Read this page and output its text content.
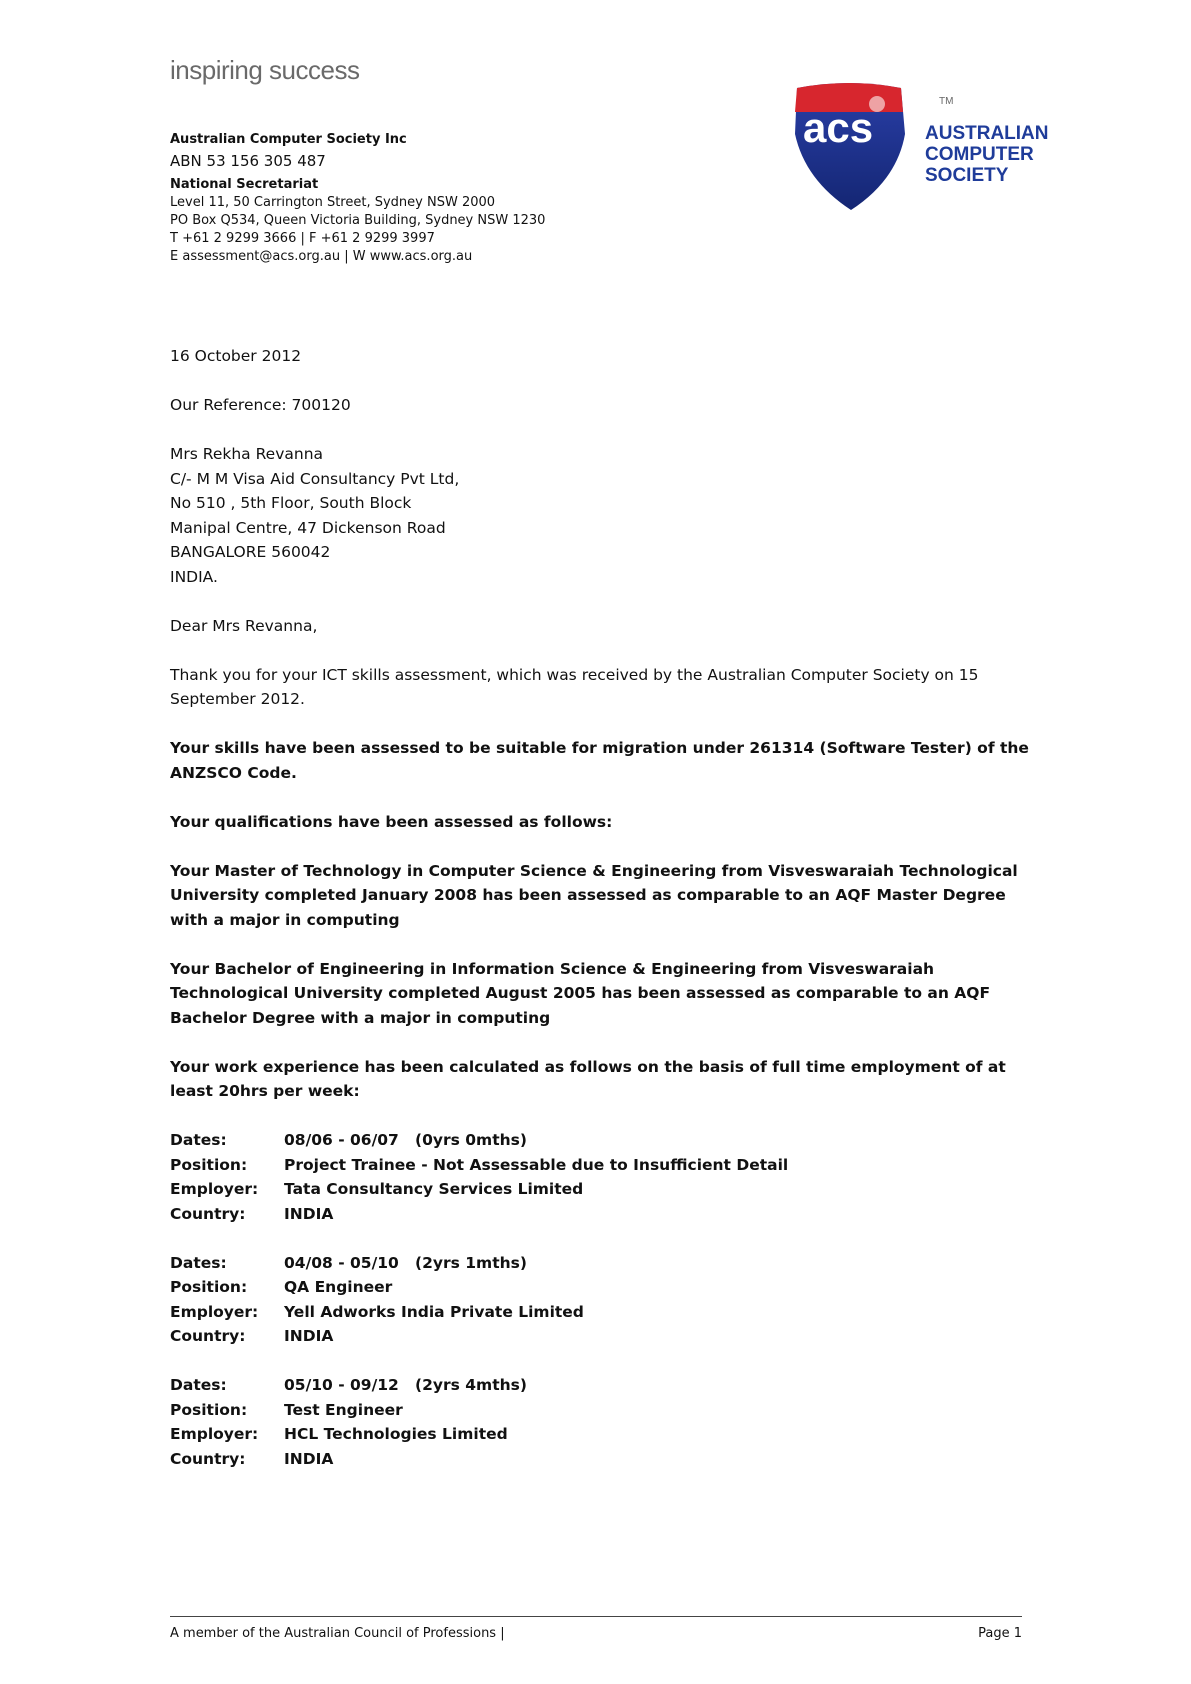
inspiring success
Australian Computer Society Inc
ABN 53 156 305 487
National Secretariat
Level 11, 50 Carrington Street, Sydney NSW 2000
PO Box Q534, Queen Victoria Building, Sydney NSW 1230
T +61 2 9299 3666 | F +61 2 9299 3997
E assessment@acs.org.au | W www.acs.org.au
acs
TM
AUSTRALIAN
COMPUTER
SOCIETY

16 October 2012

Our Reference: 700120

Mrs Rekha Revanna
C/- M M Visa Aid Consultancy Pvt Ltd,
No 510 , 5th Floor, South Block
Manipal Centre, 47 Dickenson Road
BANGALORE 560042
INDIA.

Dear Mrs Revanna,

Thank you for your ICT skills assessment, which was received by the Australian Computer Society on 15 September 2012.

Your skills have been assessed to be suitable for migration under 261314 (Software Tester) of the ANZSCO Code.

Your qualifications have been assessed as follows:

Your Master of Technology in Computer Science & Engineering from Visveswaraiah Technological University completed January 2008 has been assessed as comparable to an AQF Master Degree with a major in computing

Your Bachelor of Engineering in Information Science & Engineering from Visveswaraiah Technological University completed August 2005 has been assessed as comparable to an AQF Bachelor Degree with a major in computing

Your work experience has been calculated as follows on the basis of full time employment of at least 20hrs per week:

Dates:	08/06 - 06/07   (0yrs 0mths)
Position:	Project Trainee - Not Assessable due to Insufficient Detail
Employer:	Tata Consultancy Services Limited
Country:	INDIA
Dates:	04/08 - 05/10   (2yrs 1mths)
Position:	QA Engineer
Employer:	Yell Adworks India Private Limited
Country:	INDIA
Dates:	05/10 - 09/12   (2yrs 4mths)
Position:	Test Engineer
Employer:	HCL Technologies Limited
Country:	INDIA
A member of the Australian Council of Professions |	Page 1
